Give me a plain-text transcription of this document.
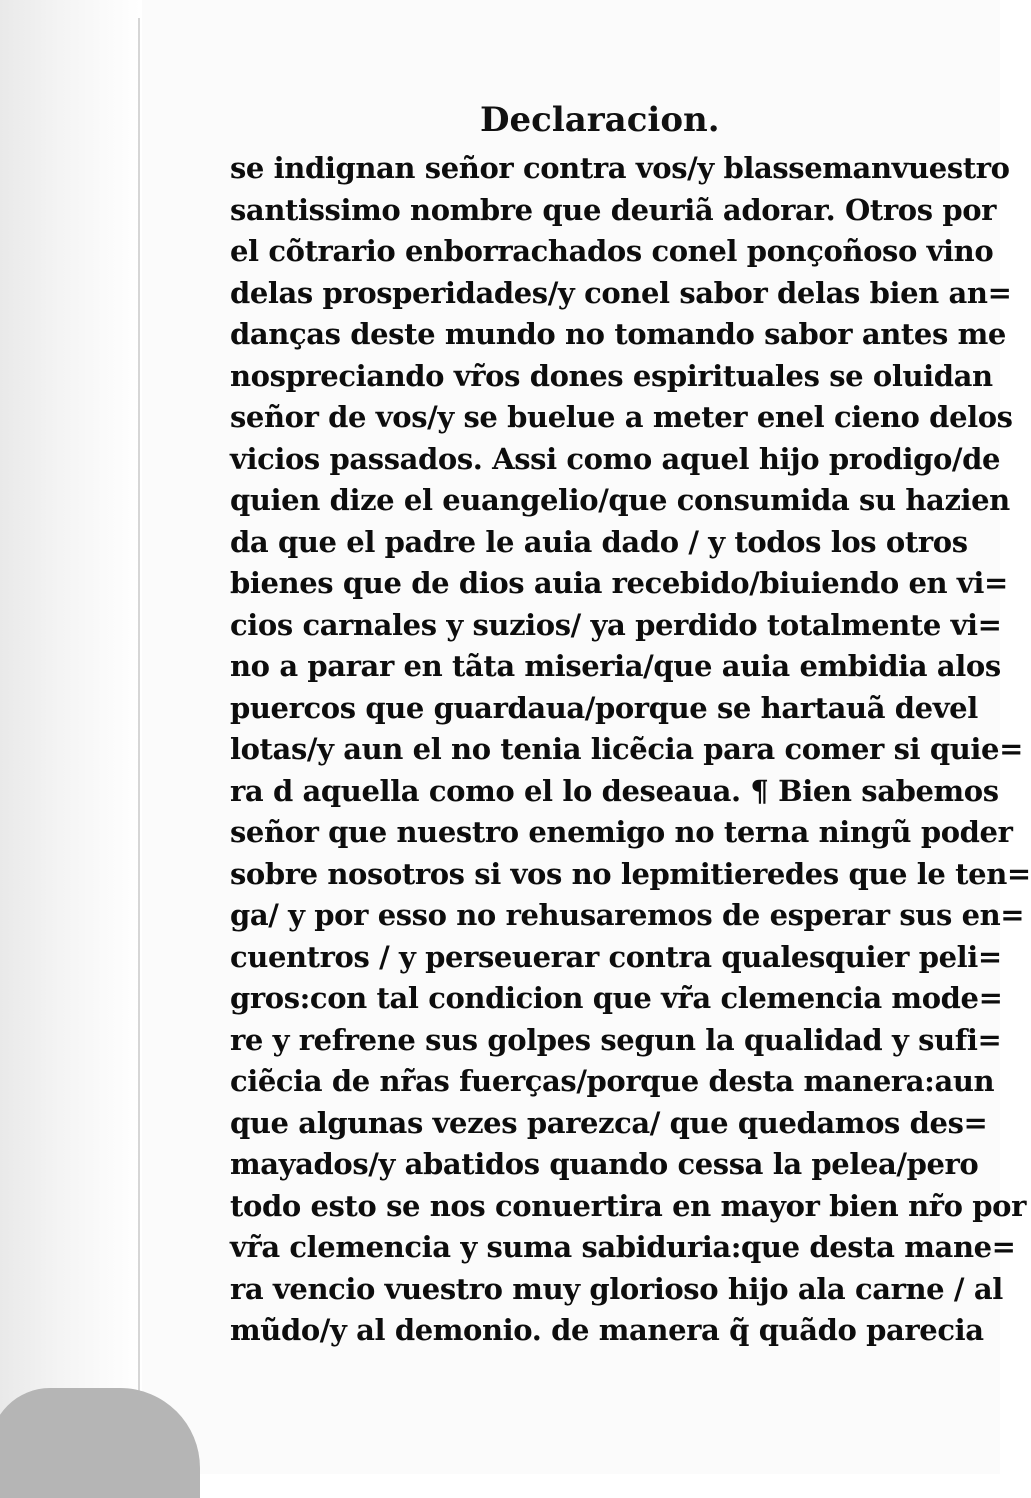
Declaracion.
se indignan señor contra vos/y blassemanvuestro
santissimo nombre que deuriã adorar. Otros por
el cõtrario enborrachados conel ponçoñoso vino
delas prosperidades/y conel sabor delas bien an=
danças deste mundo no tomando sabor antes me
nospreciando vr̃os dones espirituales se oluidan
señor de vos/y se buelue a meter enel cieno delos
vicios passados. Assi como aquel hijo prodigo/de
quien dize el euangelio/que consumida su hazien
da que el padre le auia dado / y todos los otros
bienes que de dios auia recebido/biuiendo en vi=
cios carnales y suzios/ ya perdido totalmente vi=
no a parar en tãta miseria/que auia embidia alos
puercos que guardaua/porque se hartauã devel
lotas/y aun el no tenia licẽcia para comer si quie=
ra d aquella como el lo deseaua. ¶ Bien sabemos
señor que nuestro enemigo no terna ningũ poder
sobre nosotros si vos no lepmitieredes que le ten=
ga/ y por esso no rehusaremos de esperar sus en=
cuentros / y perseuerar contra qualesquier peli=
gros:con tal condicion que vr̃a clemencia mode=
re y refrene sus golpes segun la qualidad y sufi=
ciẽcia de nr̃as fuerças/porque desta manera:aun
que algunas vezes parezca/ que quedamos des=
mayados/y abatidos quando cessa la pelea/pero
todo esto se nos conuertira en mayor bien nr̃o por
vr̃a clemencia y suma sabiduria:que desta mane=
ra vencio vuestro muy glorioso hijo ala carne / al
mũdo/y al demonio. de manera q̃ quãdo parecia
